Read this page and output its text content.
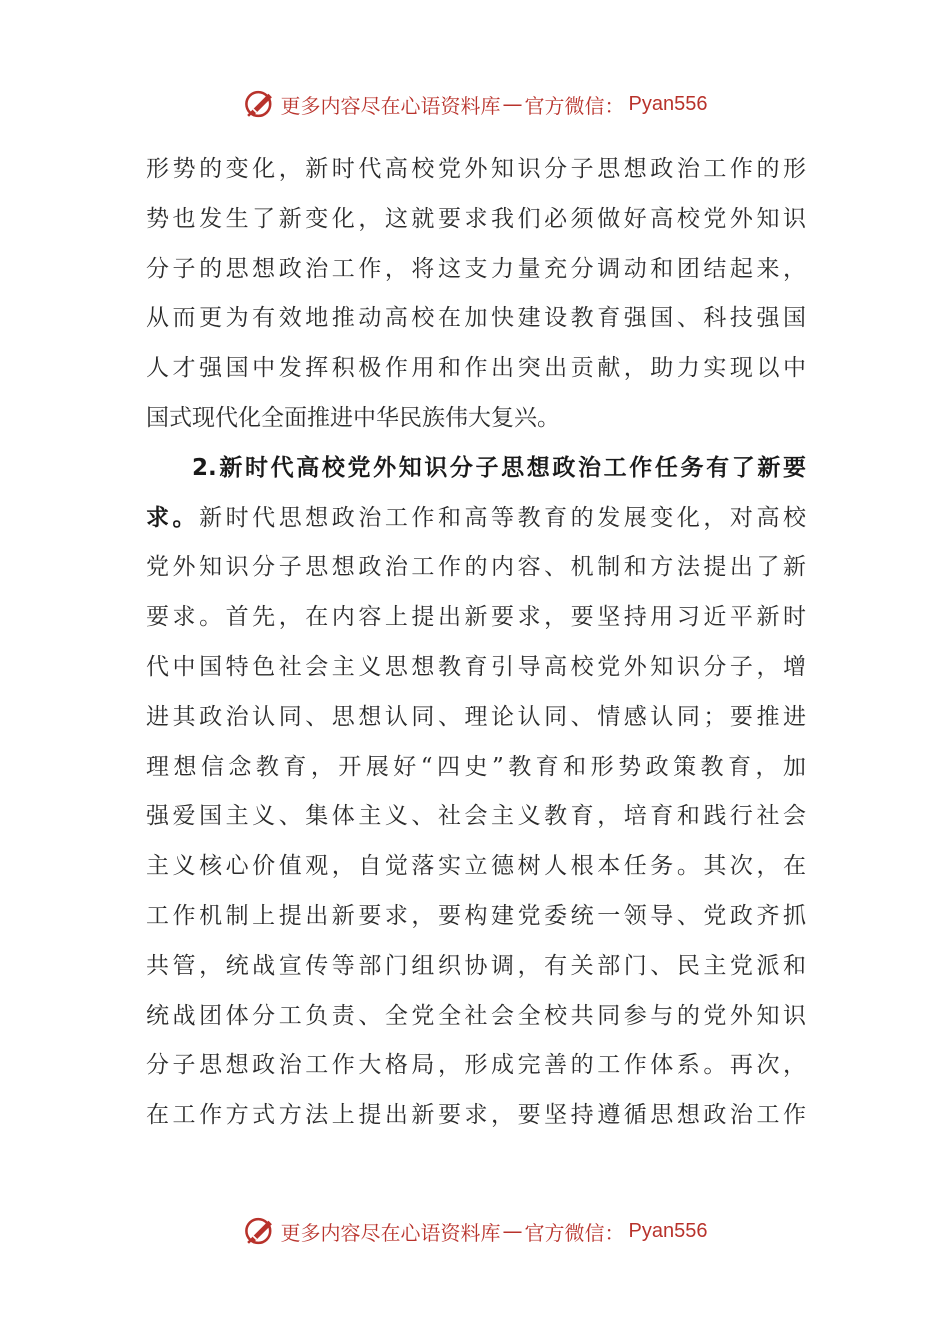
更多内容尽在心语资料库 — 官方微信： Pyan556
形势的变化，新时代高校党外知识分子思想政治工作的形
势也发生了新变化，这就要求我们必须做好高校党外知识
分子的思想政治工作，将这支力量充分调动和团结起来，
从而更为有效地推动高校在加快建设教育强国、科技强国
人才强国中发挥积极作用和作出突出贡献，助力实现以中
国式现代化全面推进中华民族伟大复兴。
2.新时代高校党外知识分子思想政治工作任务有了新要
求。新时代思想政治工作和高等教育的发展变化，对高校
党外知识分子思想政治工作的内容、机制和方法提出了新
要求。首先，在内容上提出新要求，要坚持用习近平新时
代中国特色社会主义思想教育引导高校党外知识分子，增
进其政治认同、思想认同、理论认同、情感认同；要推进
理想信念教育，开展好“四史”教育和形势政策教育，加
强爱国主义、集体主义、社会主义教育，培育和践行社会
主义核心价值观，自觉落实立德树人根本任务。其次，在
工作机制上提出新要求，要构建党委统一领导、党政齐抓
共管，统战宣传等部门组织协调，有关部门、民主党派和
统战团体分工负责、全党全社会全校共同参与的党外知识
分子思想政治工作大格局，形成完善的工作体系。再次，
在工作方式方法上提出新要求，要坚持遵循思想政治工作
更多内容尽在心语资料库 — 官方微信： Pyan556
